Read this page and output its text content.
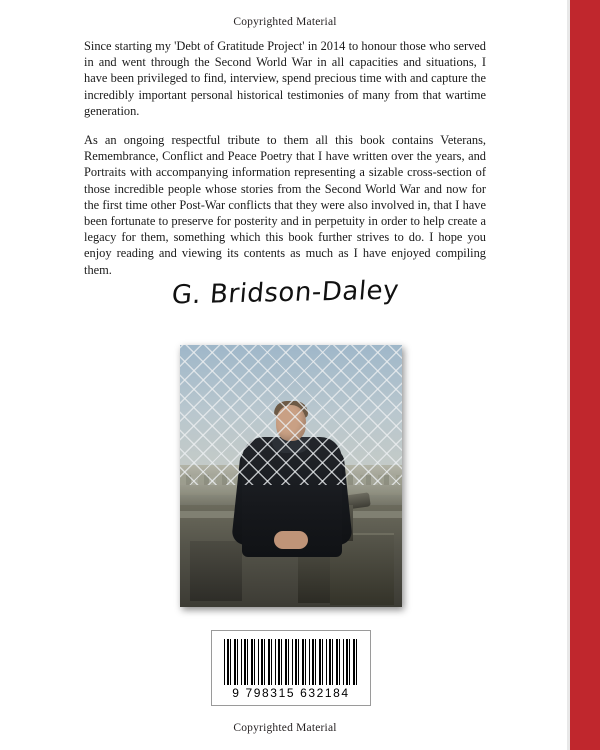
Copyrighted Material

Since starting my 'Debt of Gratitude Project' in 2014 to honour those who served in and went through the Second World War in all capacities and situations, I have been privileged to find, interview, spend precious time with and capture the incredibly important personal historical testimonies of many from that wartime generation.

As an ongoing respectful tribute to them all this book contains Veterans, Remembrance, Conflict and Peace Poetry that I have written over the years, and Portraits with accompanying information representing a sizable cross-section of those incredible people whose stories from the Second World War and now for the first time other Post-War conflicts that they were also involved in, that I have been fortunate to preserve for posterity and in perpetuity in order to help create a legacy for them, something which this book further strives to do. I hope you enjoy reading and viewing its contents as much as I have enjoyed compiling them.

G. Bridson-Daley
9 798315 632184
Copyrighted Material
